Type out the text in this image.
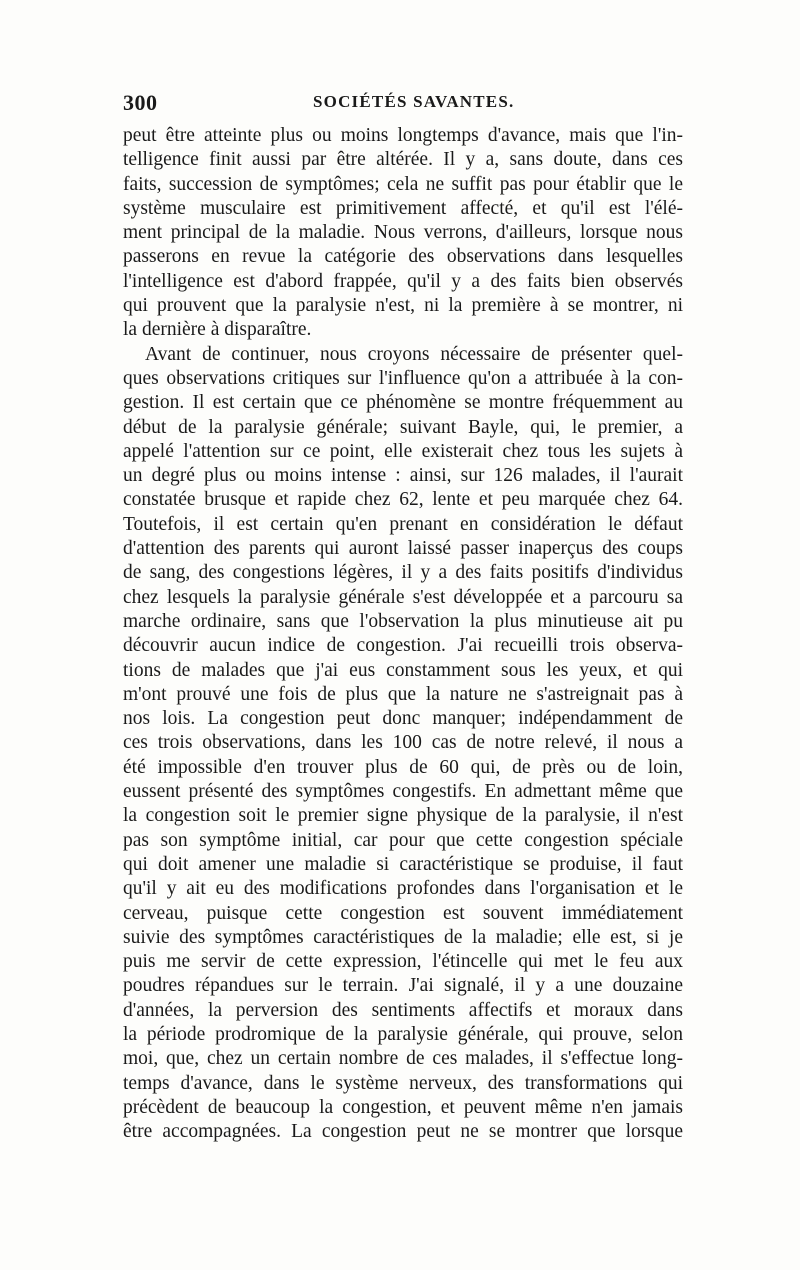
300	SOCIÉTÉS SAVANTES.
peut être atteinte plus ou moins longtemps d'avance, mais que l'in-
telligence finit aussi par être altérée. Il y a, sans doute, dans ces
faits, succession de symptômes; cela ne suffit pas pour établir que le
système musculaire est primitivement affecté, et qu'il est l'élé-
ment principal de la maladie. Nous verrons, d'ailleurs, lorsque nous
passerons en revue la catégorie des observations dans lesquelles
l'intelligence est d'abord frappée, qu'il y a des faits bien observés
qui prouvent que la paralysie n'est, ni la première à se montrer, ni
la dernière à disparaître.
Avant de continuer, nous croyons nécessaire de présenter quel-
ques observations critiques sur l'influence qu'on a attribuée à la con-
gestion. Il est certain que ce phénomène se montre fréquemment au
début de la paralysie générale; suivant Bayle, qui, le premier, a
appelé l'attention sur ce point, elle existerait chez tous les sujets à
un degré plus ou moins intense : ainsi, sur 126 malades, il l'aurait
constatée brusque et rapide chez 62, lente et peu marquée chez 64.
Toutefois, il est certain qu'en prenant en considération le défaut
d'attention des parents qui auront laissé passer inaperçus des coups
de sang, des congestions légères, il y a des faits positifs d'individus
chez lesquels la paralysie générale s'est développée et a parcouru sa
marche ordinaire, sans que l'observation la plus minutieuse ait pu
découvrir aucun indice de congestion. J'ai recueilli trois observa-
tions de malades que j'ai eus constamment sous les yeux, et qui
m'ont prouvé une fois de plus que la nature ne s'astreignait pas à
nos lois. La congestion peut donc manquer; indépendamment de
ces trois observations, dans les 100 cas de notre relevé, il nous a
été impossible d'en trouver plus de 60 qui, de près ou de loin,
eussent présenté des symptômes congestifs. En admettant même que
la congestion soit le premier signe physique de la paralysie, il n'est
pas son symptôme initial, car pour que cette congestion spéciale
qui doit amener une maladie si caractéristique se produise, il faut
qu'il y ait eu des modifications profondes dans l'organisation et le
cerveau, puisque cette congestion est souvent immédiatement
suivie des symptômes caractéristiques de la maladie; elle est, si je
puis me servir de cette expression, l'étincelle qui met le feu aux
poudres répandues sur le terrain. J'ai signalé, il y a une douzaine
d'années, la perversion des sentiments affectifs et moraux dans
la période prodromique de la paralysie générale, qui prouve, selon
moi, que, chez un certain nombre de ces malades, il s'effectue long-
temps d'avance, dans le système nerveux, des transformations qui
précèdent de beaucoup la congestion, et peuvent même n'en jamais
être accompagnées. La congestion peut ne se montrer que lorsque
